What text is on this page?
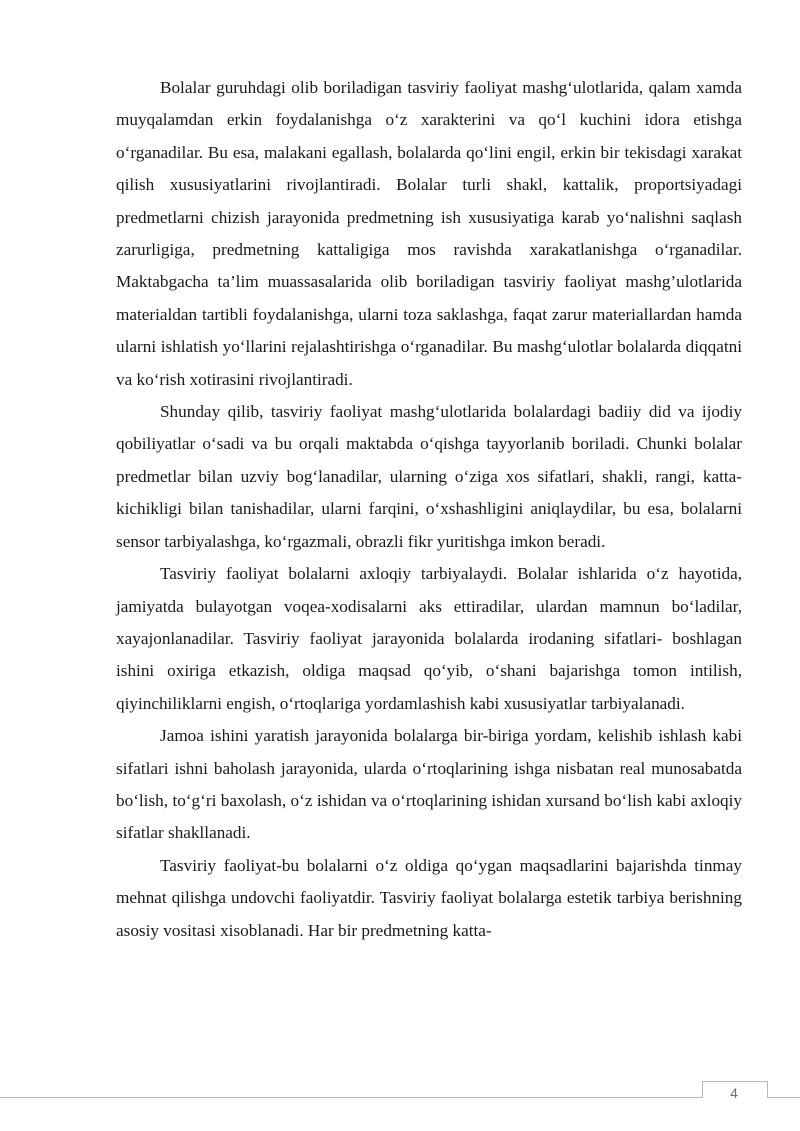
Bolalar guruhdagi olib boriladigan tasviriy faoliyat mashg‘ulotlarida, qalam xamda muyqalamdan erkin foydalanishga o‘z xarakterini va qo‘l kuchini idora etishga o‘rganadilar. Bu esa, malakani egallash, bolalarda qo‘lini engil, erkin bir tekisdagi xarakat qilish xususiyatlarini rivojlantiradi. Bolalar turli shakl, kattalik, proportsiyadagi predmetlarni chizish jarayonida predmetning ish xususiyatiga karab yo‘nalishni saqlash zarurligiga, predmetning kattaligiga mos ravishda xarakatlanishga o‘rganadilar. Maktabgacha ta’lim muassasalarida olib boriladigan tasviriy faoliyat mashg’ulotlarida materialdan tartibli foydalanishga, ularni toza saklashga, faqat zarur materiallardan hamda ularni ishlatish yo‘llarini rejalashtirishga o‘rganadilar. Bu mashg‘ulotlar bolalarda diqqatni va ko‘rish xotirasini rivojlantiradi.

Shunday qilib, tasviriy faoliyat mashg‘ulotlarida bolalardagi badiiy did va ijodiy qobiliyatlar o‘sadi va bu orqali maktabda o‘qishga tayyorlanib boriladi. Chunki bolalar predmetlar bilan uzviy bog‘lanadilar, ularning o‘ziga xos sifatlari, shakli, rangi, katta-kichikligi bilan tanishadilar, ularni farqini, o‘xshashligini aniqlaydilar, bu esa, bolalarni sensor tarbiyalashga, ko‘rgazmali, obrazli fikr yuritishga imkon beradi.

Tasviriy faoliyat bolalarni axloqiy tarbiyalaydi. Bolalar ishlarida o‘z hayotida, jamiyatda bulayotgan voqea-xodisalarni aks ettiradilar, ulardan mamnun bo‘ladilar, xayajonlanadilar. Tasviriy faoliyat jarayonida bolalarda irodaning sifatlari- boshlagan ishini oxiriga etkazish, oldiga maqsad qo‘yib, o‘shani bajarishga tomon intilish, qiyinchiliklarni engish, o‘rtoqlariga yordamlashish kabi xususiyatlar tarbiyalanadi.

Jamoa ishini yaratish jarayonida bolalarga bir-biriga yordam, kelishib ishlash kabi sifatlari ishni baholash jarayonida, ularda o‘rtoqlarining ishga nisbatan real munosabatda bo‘lish, to‘g‘ri baxolash, o‘z ishidan va o‘rtoqlarining ishidan xursand bo‘lish kabi axloqiy sifatlar shakllanadi.

Tasviriy faoliyat-bu bolalarni o‘z oldiga qo‘ygan maqsadlarini bajarishda tinmay mehnat qilishga undovchi faoliyatdir. Tasviriy faoliyat bolalarga estetik tarbiya berishning asosiy vositasi xisoblanadi. Har bir predmetning katta-

4
